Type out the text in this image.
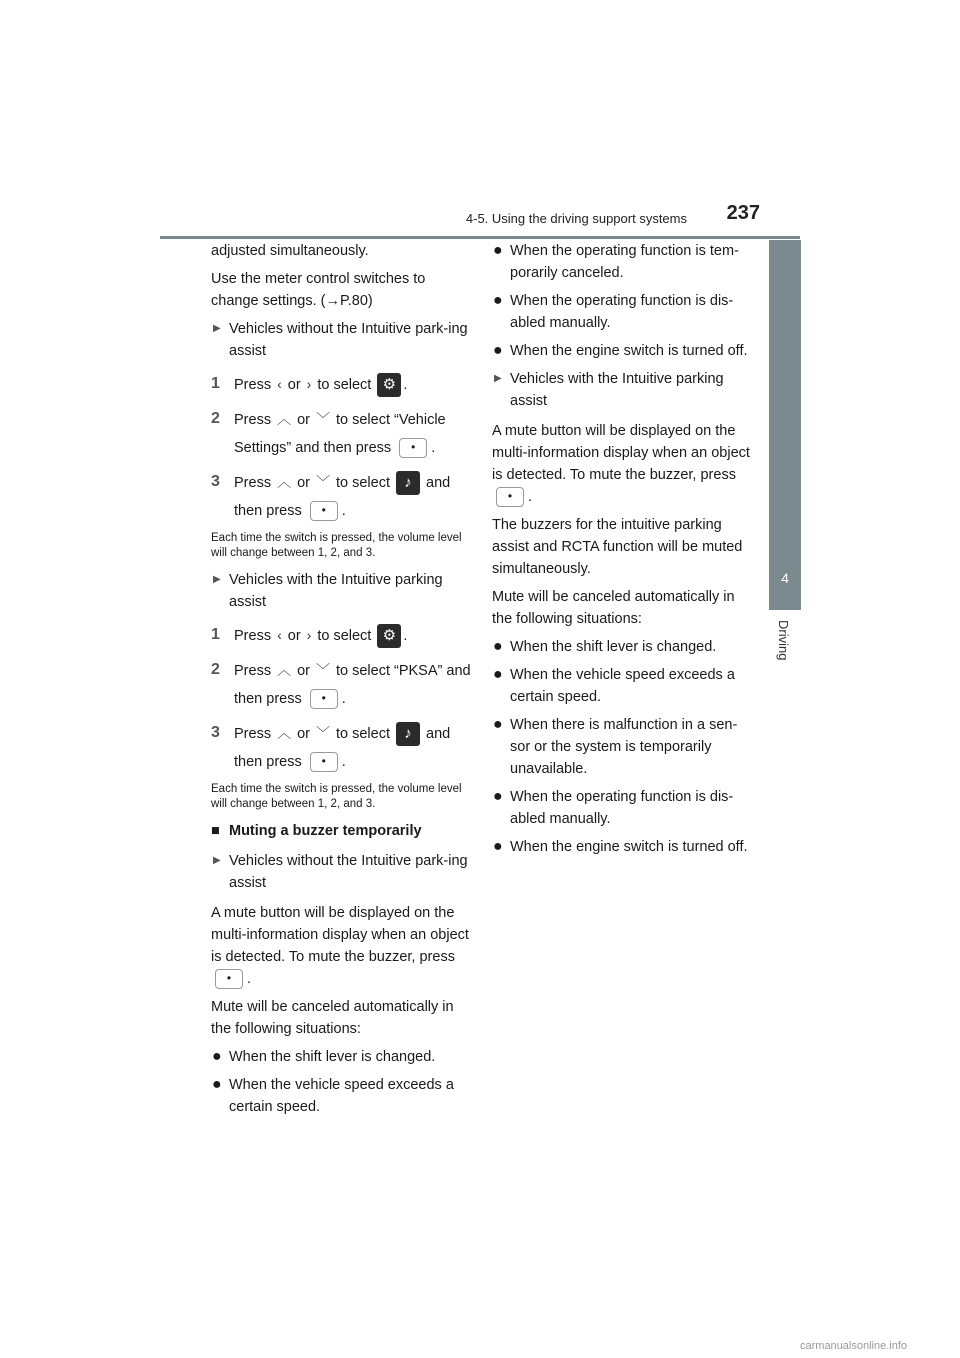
4-5. Using the driving support systems 237
4
Driving

adjusted simultaneously.

Use the meter control switches to change settings. (→P.80)

▶ Vehicles without the Intuitive park-ing assist
1 Press ‹ or › to select ⚙ .
2 Press ︿ or ﹀ to select “Vehicle Settings” and then press • .
3 Press ︿ or ﹀ to select ♪ and
then press • .

Each time the switch is pressed, the volume level will change between 1, 2, and 3.

▶ Vehicles with the Intuitive parking assist
1 Press ‹ or › to select ⚙ .
2 Press ︿ or ﹀ to select “PKSA” and then press • .
3 Press ︿ or ﹀ to select ♪ and
then press • .

Each time the switch is pressed, the volume level will change between 1, 2, and 3.

■ Muting a buzzer temporarily
▶ Vehicles without the Intuitive park-ing assist

A mute button will be displayed on the multi-information display when an object is detected. To mute the buzzer, press • .

Mute will be canceled automatically in the following situations:

● When the shift lever is changed.
● When the vehicle speed exceeds a certain speed.
● When the operating function is tem-porarily canceled.
● When the operating function is dis-abled manually.
● When the engine switch is turned off.
▶ Vehicles with the Intuitive parking assist

A mute button will be displayed on the multi-information display when an object is detected. To mute the buzzer, press • .

The buzzers for the intuitive parking assist and RCTA function will be muted simultaneously.

Mute will be canceled automatically in the following situations:

● When the shift lever is changed.
● When the vehicle speed exceeds a certain speed.
● When there is malfunction in a sen-sor or the system is temporarily unavailable.
● When the operating function is dis-abled manually.
● When the engine switch is turned off.
carmanualsonline.info
